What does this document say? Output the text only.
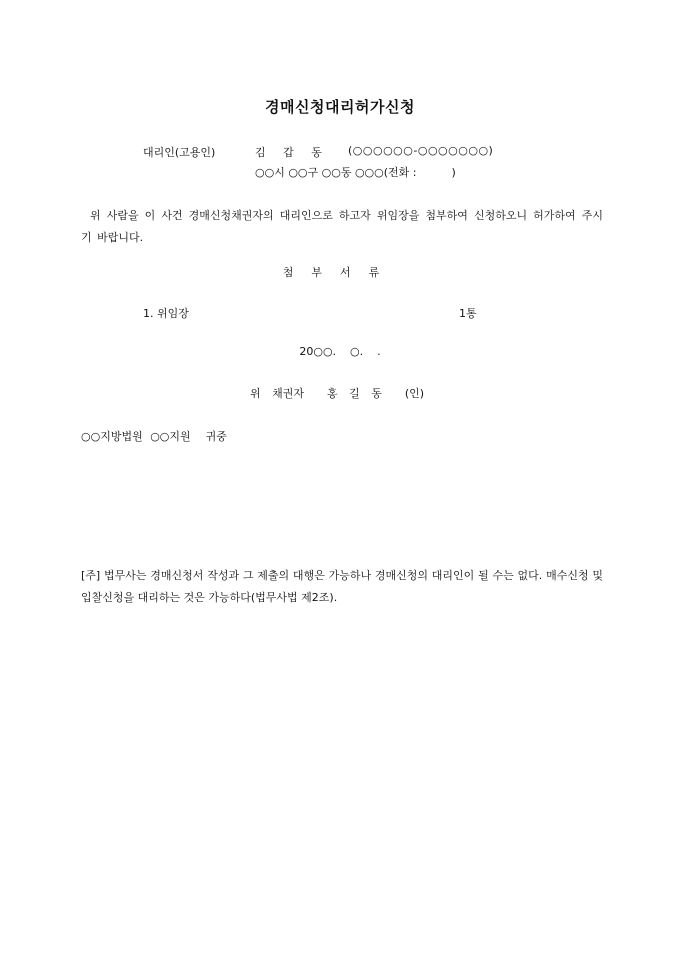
경매신청대리허가신청
대리인(고용인)	김 갑 동 (○○○○○○-○○○○○○○)
○○시 ○○구 ○○동 ○○○(전화 :          )
위 사람을 이 사건 경매신청채권자의 대리인으로 하고자 위임장을 첨부하여 신청하오니 허가하여 주시기 바랍니다.
첨부서류
1. 위임장	1통
20○○.    ○.    .
위 채권자  홍 길 동  (인)
○○지방법원 ○○지원  귀중
[주] 법무사는 경매신청서 작성과 그 제출의 대행은 가능하나 경매신청의 대리인이 될 수는 없다. 매수신청 및 입찰신청을 대리하는 것은 가능하다(법무사법 제2조).
